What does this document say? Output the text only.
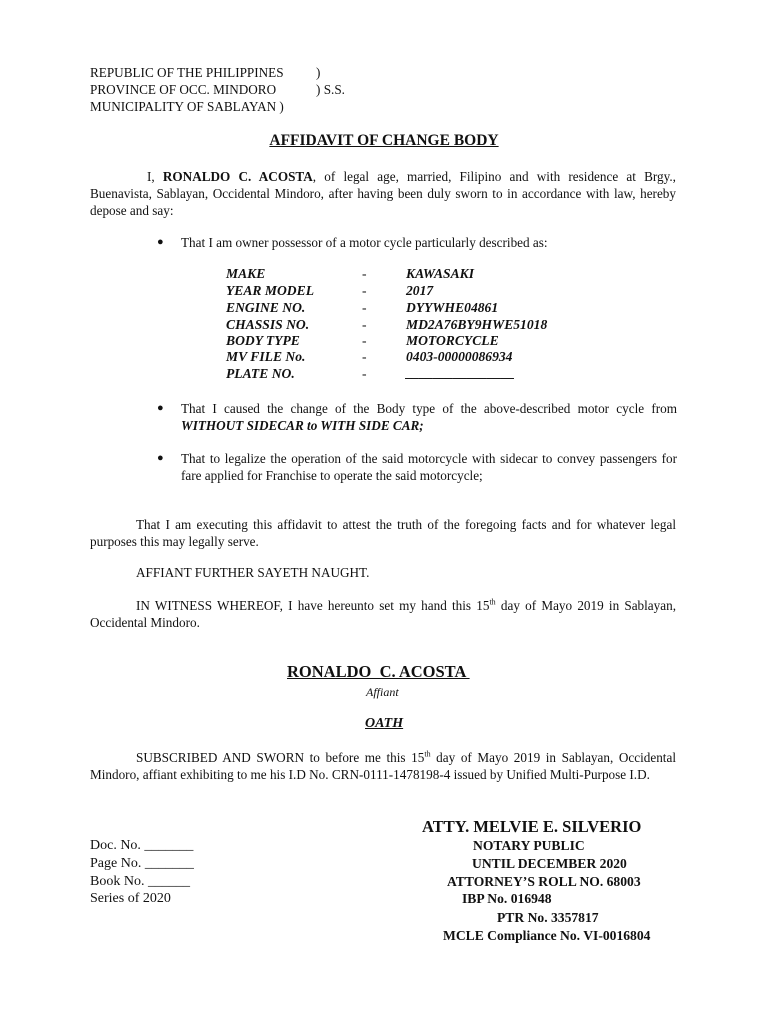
REPUBLIC OF THE PHILIPPINES )
PROVINCE OF OCC. MINDORO	) S.S.
MUNICIPALITY OF SABLAYAN )
AFFIDAVIT OF CHANGE BODY
I, RONALDO C. ACOSTA, of legal age, married, Filipino and with residence at Brgy., Buenavista, Sablayan, Occidental Mindoro, after having been duly sworn to in accordance with law, hereby depose and say:
● That I am owner possessor of a motor cycle particularly described as:
MAKE	-	KAWASAKI
YEAR MODEL	-	2017
ENGINE NO.	-	DYYWHE04861
CHASSIS NO.	-	MD2A76BY9HWE51018
BODY TYPE	-	MOTORCYCLE
MV FILE No.	-	0403-00000086934
PLATE NO.	-	________________
● That I caused the change of the Body type of the above-described motor cycle from WITHOUT SIDECAR to WITH SIDE CAR;
● That to legalize the operation of the said motorcycle with sidecar to convey passengers for fare applied for Franchise to operate the said motorcycle;
That I am executing this affidavit to attest the truth of the foregoing facts and for whatever legal purposes this may legally serve.
AFFIANT FURTHER SAYETH NAUGHT.
IN WITNESS WHEREOF, I have hereunto set my hand this 15th day of Mayo 2019 in Sablayan, Occidental Mindoro.
RONALDO  C. ACOSTA
Affiant
OATH
SUBSCRIBED AND SWORN to before me this 15th day of Mayo 2019 in Sablayan, Occidental Mindoro, affiant exhibiting to me his I.D No. CRN-0111-1478198-4 issued by Unified Multi-Purpose I.D.
ATTY. MELVIE E. SILVERIO
NOTARY PUBLIC
UNTIL DECEMBER 2020
ATTORNEY’S ROLL NO. 68003
IBP No. 016948
PTR No. 3357817
MCLE Compliance No. VI-0016804
Doc. No. _______
Page No. _______
Book No. ______
Series of 2020
